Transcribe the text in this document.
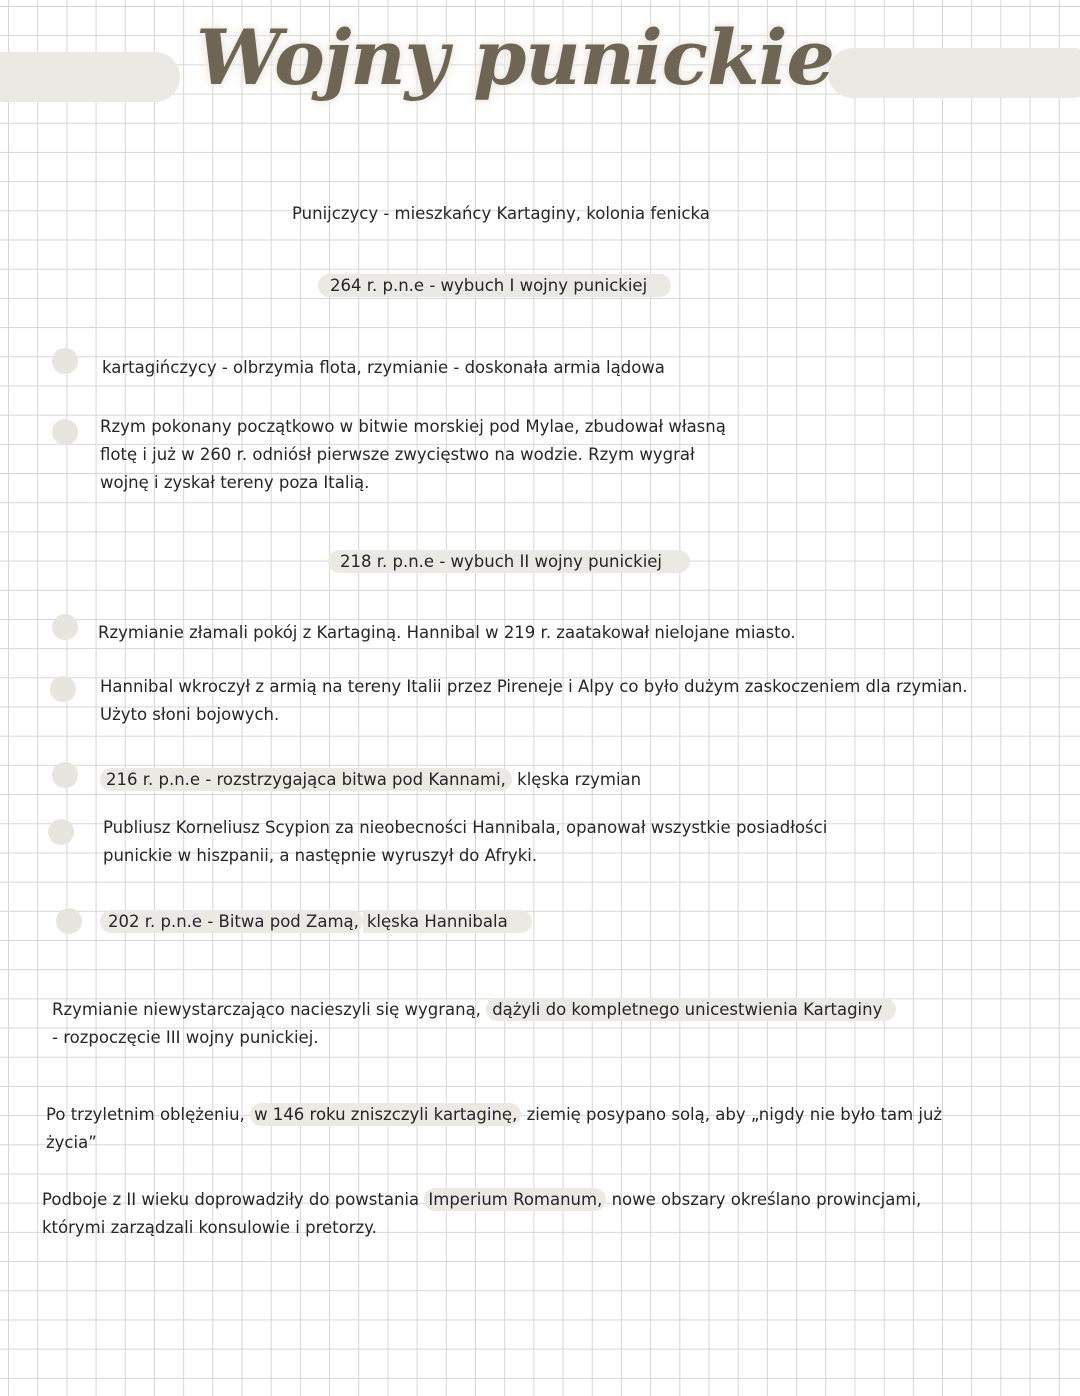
Wojny punickie
Punijczycy - mieszkańcy Kartaginy, kolonia fenicka
264 r. p.n.e - wybuch I wojny punickiej
kartagińczycy - olbrzymia flota, rzymianie - doskonała armia lądowa
Rzym pokonany początkowo w bitwie morskiej pod Mylae, zbudował własną
flotę i już w 260 r. odniósł pierwsze zwycięstwo na wodzie. Rzym wygrał
wojnę i zyskał tereny poza Italią.
218 r. p.n.e - wybuch II wojny punickiej
Rzymianie złamali pokój z Kartaginą. Hannibal w 219 r. zaatakował nielojane miasto.
Hannibal wkroczył z armią na tereny Italii przez Pireneje i Alpy co było dużym zaskoczeniem dla rzymian.
Użyto słoni bojowych.
216 r. p.n.e - rozstrzygająca bitwa pod Kannami, klęska rzymian
Publiusz Korneliusz Scypion za nieobecności Hannibala, opanował wszystkie posiadłości
punickie w hiszpanii, a następnie wyruszył do Afryki.
202 r. p.n.e - Bitwa pod Zamą, klęska Hannibala
Rzymianie niewystarczająco nacieszyli się wygraną, dążyli do kompletnego unicestwienia Kartaginy
- rozpoczęcie III wojny punickiej.
Po trzyletnim oblężeniu, w 146 roku zniszczyli kartaginę, ziemię posypano solą, aby „nigdy nie było tam już
życia”
Podboje z II wieku doprowadziły do powstania Imperium Romanum, nowe obszary określano prowincjami,
którymi zarządzali konsulowie i pretorzy.
